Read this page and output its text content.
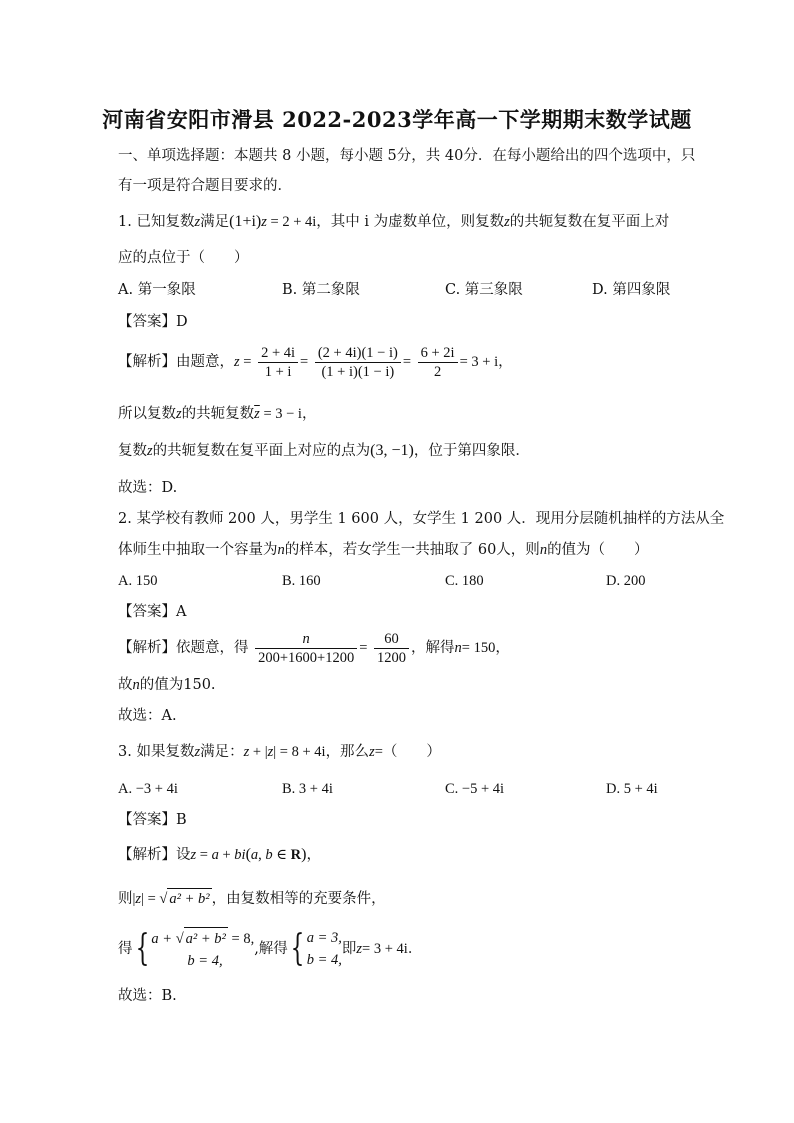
河南省安阳市滑县 2022-2023学年高一下学期期末数学试题
一、单项选择题：本题共 8 小题，每小题 5分，共 40分．在每小题给出的四个选项中，只
有一项是符合题目要求的．
1. 已知复数z满足(1+i)z = 2 + 4i，其中 i 为虚数单位，则复数z的共轭复数在复平面上对
应的点位于（　　）
A. 第一象限	B. 第二象限	C. 第三象限	D. 第四象限
【答案】D
【解析】由题意，$z = \frac{2 + 4i}{1 + i} = \frac{(2 + 4i)(1 - i)}{(1 + i)(1 - i)} = \frac{6 + 2i}{2} = 3 + i$，
所以复数z的共轭复数$\overline{z} = 3 - i$，
复数z的共轭复数在复平面上对应的点为(3, −1)，位于第四象限．
故选：D.
2. 某学校有教师 200 人，男学生 1 600 人，女学生 1 200 人．现用分层随机抽样的方法从全
体师生中抽取一个容量为n的样本，若女学生一共抽取了 60人，则n的值为（　　）
A. 150	B. 160	C. 180	D. 200
【答案】A
【解析】依题意，得 $\frac{n}{200+1600+1200} = \frac{60}{1200}$ ，解得n= 150，
故n的值为150.
故选：A.
3. 如果复数z满足：z + |z| = 8 + 4i，那么z=（　　）
A. −3 + 4i	B. 3 + 4i	C. −5 + 4i	D. 5 + 4i
【答案】B
【解析】设z = a + bi(a, b ∈ R)，
则|z| = √ a² + b² ，由复数相等的充要条件，
得{ a + √ a² + b² = 8,
b = 4,
,解得{ a = 3,
b = 4,
即z= 3 + 4i．
故选：B.
